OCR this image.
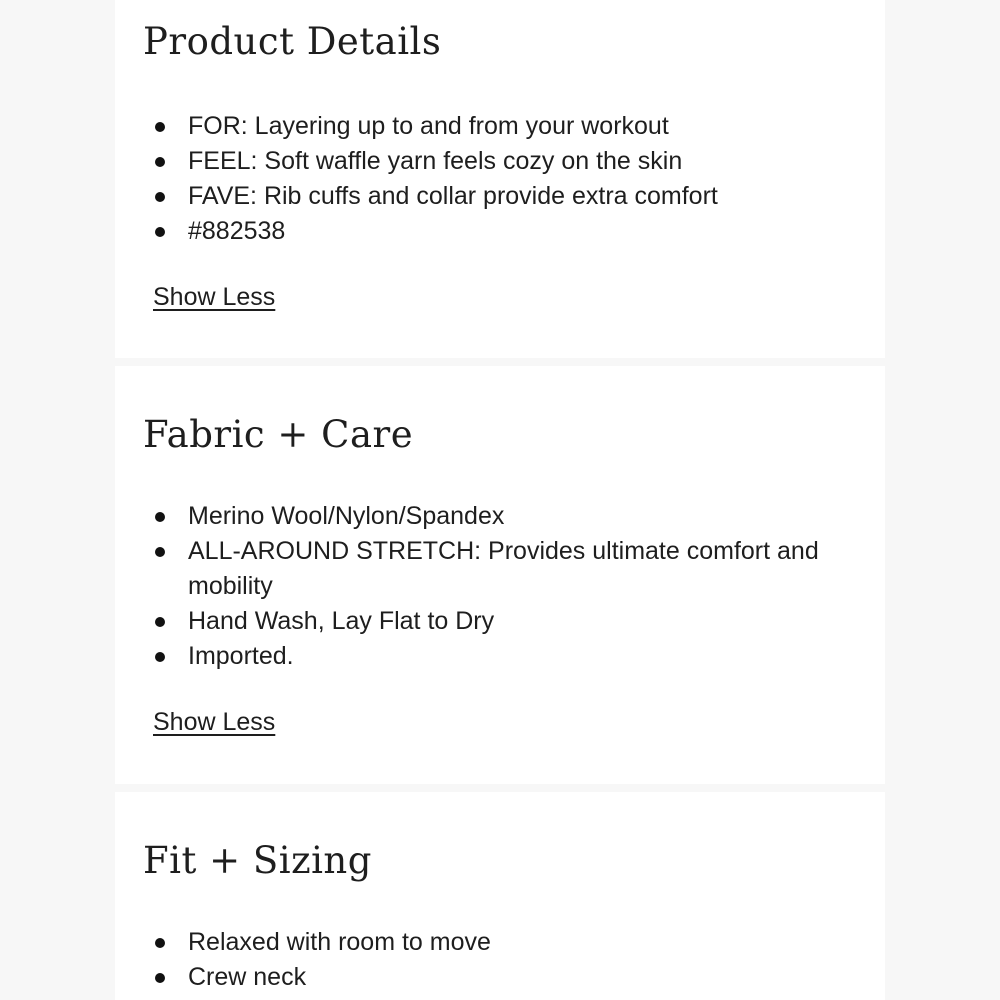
Product Details
FOR: Layering up to and from your workout
FEEL: Soft waffle yarn feels cozy on the skin
FAVE: Rib cuffs and collar provide extra comfort
#882538
Show Less
Fabric + Care
Merino Wool/Nylon/Spandex
ALL-AROUND STRETCH: Provides ultimate comfort and mobility
Hand Wash, Lay Flat to Dry
Imported.
Show Less
Fit + Sizing
Relaxed with room to move
Crew neck
